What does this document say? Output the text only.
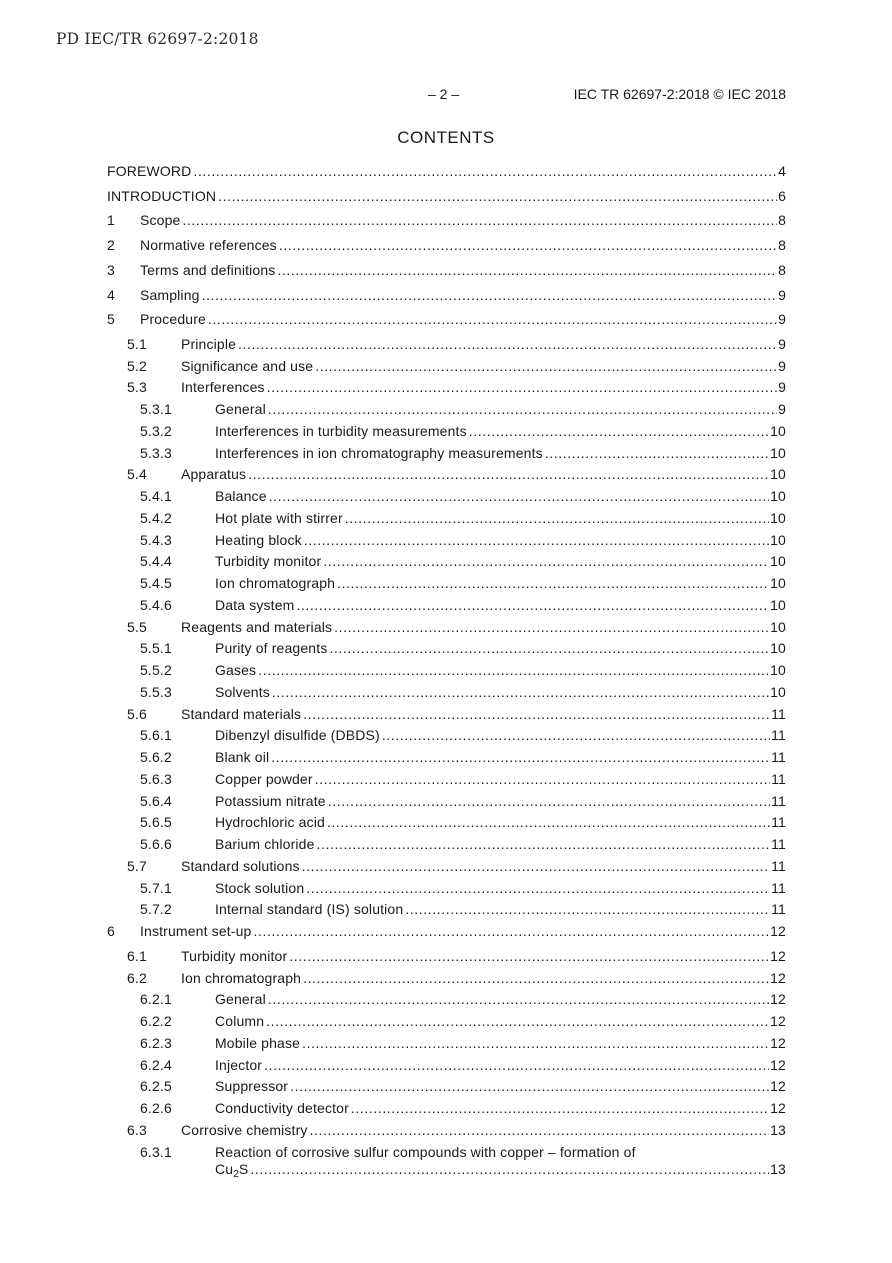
PD IEC/TR 62697-2:2018
– 2 –	IEC TR 62697-2:2018 © IEC 2018
CONTENTS
FOREWORD .....	4
INTRODUCTION .....	6
1 Scope .....	8
2 Normative references .....	8
3 Terms and definitions .....	8
4 Sampling .....	9
5 Procedure .....	9
5.1 Principle .....	9
5.2 Significance and use .....	9
5.3 Interferences .....	9
5.3.1	General .....	9
5.3.2	Interferences in turbidity measurements .....	10
5.3.3	Interferences in ion chromatography measurements .....	10
5.4 Apparatus .....	10
5.4.1	Balance .....	10
5.4.2	Hot plate with stirrer .....	10
5.4.3	Heating block .....	10
5.4.4	Turbidity monitor .....	10
5.4.5	Ion chromatograph .....	10
5.4.6	Data system .....	10
5.5 Reagents and materials .....	10
5.5.1	Purity of reagents .....	10
5.5.2	Gases .....	10
5.5.3	Solvents .....	10
5.6 Standard materials .....	11
5.6.1	Dibenzyl disulfide (DBDS) .....	11
5.6.2	Blank oil .....	11
5.6.3	Copper powder .....	11
5.6.4	Potassium nitrate .....	11
5.6.5	Hydrochloric acid .....	11
5.6.6	Barium chloride .....	11
5.7 Standard solutions .....	11
5.7.1	Stock solution .....	11
5.7.2	Internal standard (IS) solution .....	11
6 Instrument set-up .....	12
6.1 Turbidity monitor .....	12
6.2 Ion chromatograph .....	12
6.2.1	General .....	12
6.2.2	Column .....	12
6.2.3	Mobile phase .....	12
6.2.4	Injector .....	12
6.2.5	Suppressor .....	12
6.2.6	Conductivity detector .....	12
6.3 Corrosive chemistry .....	13
6.3.1	Reaction of corrosive sulfur compounds with copper – formation of
$Cu_2S$ .....	13
